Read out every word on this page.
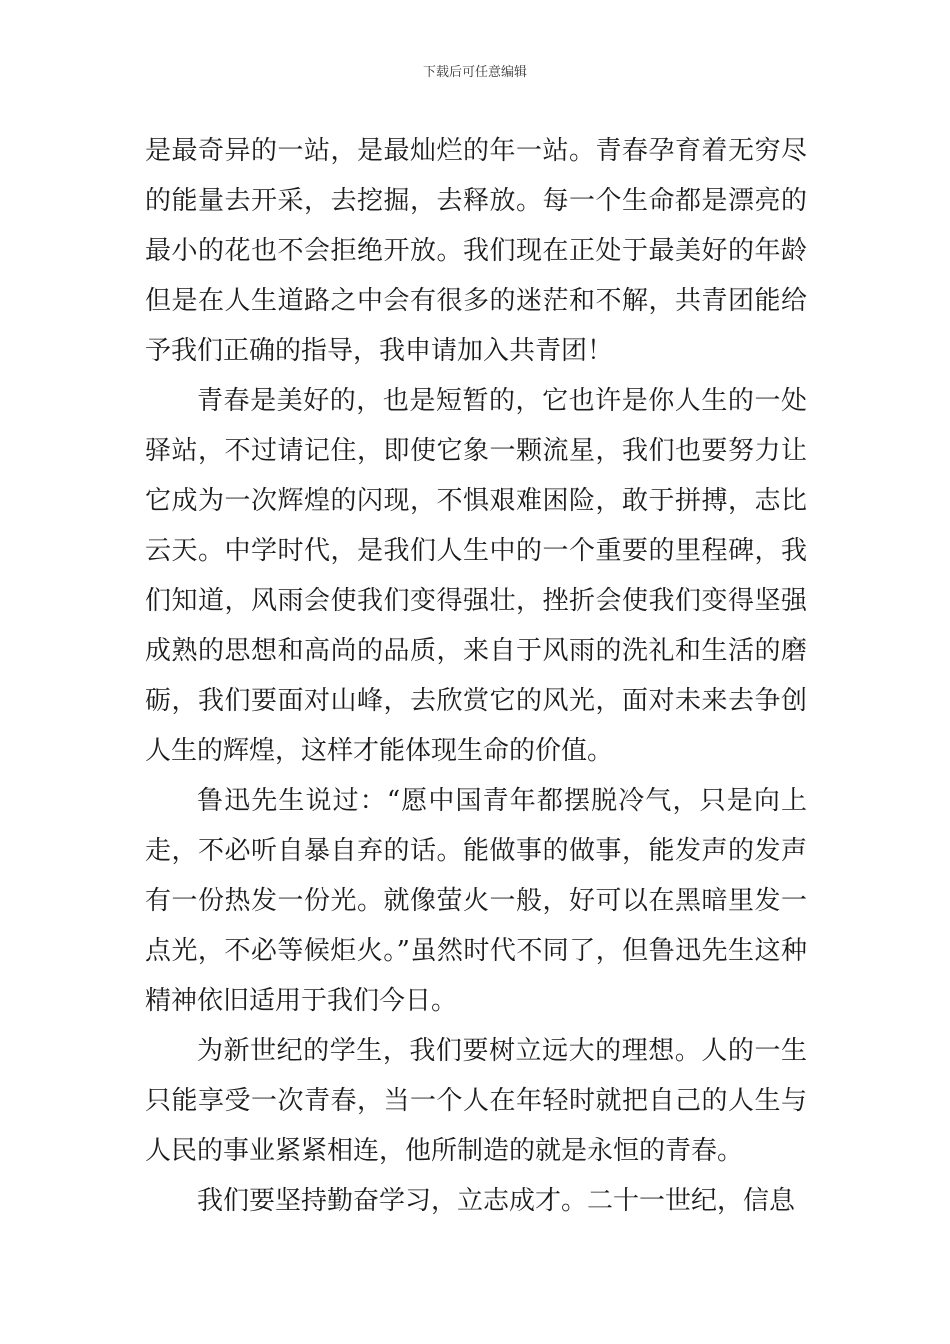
下载后可任意编辑

是最奇异的一站，是最灿烂的年一站。青春孕育着无穷尽的能量去开采，去挖掘，去释放。每一个生命都是漂亮的最小的花也不会拒绝开放。我们现在正处于最美好的年龄但是在人生道路之中会有很多的迷茫和不解，共青团能给予我们正确的指导，我申请加入共青团！

青春是美好的，也是短暂的，它也许是你人生的一处驿站，不过请记住，即使它象一颗流星，我们也要努力让它成为一次辉煌的闪现，不惧艰难困险，敢于拼搏，志比云天。中学时代，是我们人生中的一个重要的里程碑，我们知道，风雨会使我们变得强壮，挫折会使我们变得坚强成熟的思想和高尚的品质，来自于风雨的洗礼和生活的磨砺，我们要面对山峰，去欣赏它的风光，面对未来去争创人生的辉煌，这样才能体现生命的价值。

鲁迅先生说过：“愿中国青年都摆脱冷气，只是向上走，不必听自暴自弃的话。能做事的做事，能发声的发声有一份热发一份光。就像萤火一般，好可以在黑暗里发一点光，不必等候炬火。”虽然时代不同了，但鲁迅先生这种精神依旧适用于我们今日。

为新世纪的学生，我们要树立远大的理想。人的一生只能享受一次青春，当一个人在年轻时就把自己的人生与人民的事业紧紧相连，他所制造的就是永恒的青春。

我们要坚持勤奋学习，立志成才。二十一世纪，信息
